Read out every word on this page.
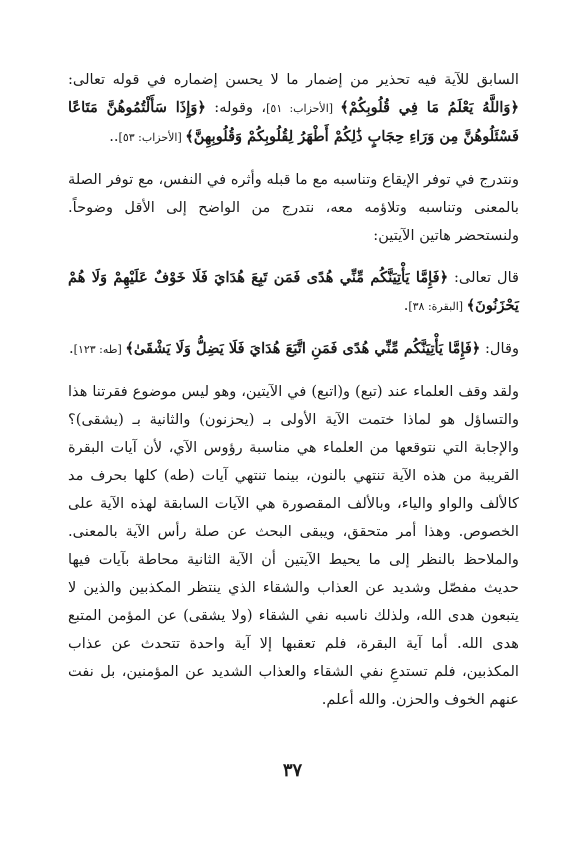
السابق للآية فيه تحذير من إضمار ما لا يحسن إضماره في قوله تعالى: ﴿وَاللَّهُ يَعْلَمُ مَا فِي قُلُوبِكُمْ﴾ [الأحزاب: ٥١]، وقوله: ﴿وَإِذَا سَأَلْتُمُوهُنَّ مَتَاعًا فَسْئَلُوهُنَّ مِن وَرَاءِ حِجَابٍ ذَٰلِكُمْ أَطْهَرُ لِقُلُوبِكُمْ وَقُلُوبِهِنَّ﴾ [الأحزاب: ٥٣]..

ونتدرج في توفر الإيقاع وتناسبه مع ما قبله وأثره في النفس، مع توفر الصلة بالمعنى وتناسبه وتلاؤمه معه، نتدرج من الواضح إلى الأقل وضوحاً. ولنستحضر هاتين الآيتين:

قال تعالى: ﴿فَإِمَّا يَأْتِيَنَّكُم مِّنِّي هُدًى فَمَن تَبِعَ هُدَايَ فَلَا خَوْفٌ عَلَيْهِمْ وَلَا هُمْ يَحْزَنُونَ﴾ [البقرة: ٣٨].

وقال: ﴿فَإِمَّا يَأْتِيَنَّكُم مِّنِّي هُدًى فَمَنِ اتَّبَعَ هُدَايَ فَلَا يَضِلُّ وَلَا يَشْقَىٰ﴾ [طه: ١٢٣].

ولقد وقف العلماء عند (تبع) و(اتبع) في الآيتين، وهو ليس موضوع فقرتنا هذا والتساؤل هو لماذا ختمت الآية الأولى بـ (يحزنون) والثانية بـ (يشقى)؟ والإجابة التي نتوقعها من العلماء هي مناسبة رؤوس الآي، لأن آيات البقرة القريبة من هذه الآية تنتهي بالنون، بينما تنتهي آيات (طه) كلها بحرف مد كالألف والواو والياء، وبالألف المقصورة هي الآيات السابقة لهذه الآية على الخصوص. وهذا أمر متحقق، ويبقى البحث عن صلة رأس الآية بالمعنى. والملاحظ بالنظر إلى ما يحيط الآيتين أن الآية الثانية محاطة بآيات فيها حديث مفصّل وشديد عن العذاب والشقاء الذي ينتظر المكذبين والذين لا يتبعون هدى الله، ولذلك ناسبه نفي الشقاء (ولا يشقى) عن المؤمن المتبع هدى الله. أما آية البقرة، فلم تعقبها إلا آية واحدة تتحدث عن عذاب المكذبين، فلم تستدعِ نفي الشقاء والعذاب الشديد عن المؤمنين، بل نفت عنهم الخوف والحزن. والله أعلم.

٣٧
